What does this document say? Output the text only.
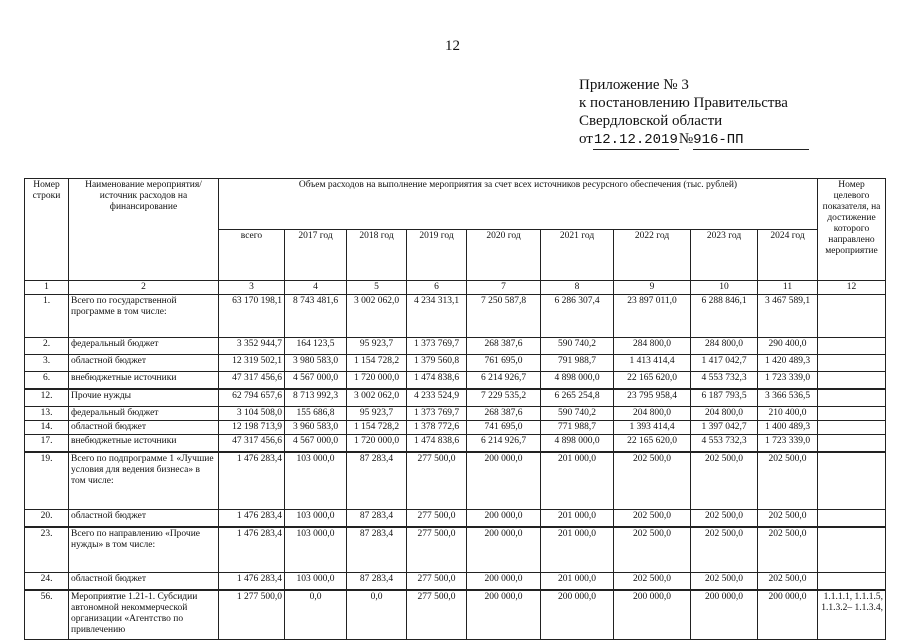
12
Приложение № 3
к постановлению Правительства
Свердловской области
от12.12.2019№916-ПП
Номер строки	Наименование мероприятия/источник расходов на финансирование	Объем расходов на выполнение мероприятия за счет всех источников ресурсного обеспечения (тыс. рублей)									Номер целевого показателя, на достижение которого направлено мероприятие
		всего	2017 год	2018 год	2019 год	2020 год	2021 год	2022 год	2023 год	2024 год	
1	2	3	4	5	6	7	8	9	10	11	12
1.	Всего по государственной программе в том числе:	63 170 198,1	8 743 481,6	3 002 062,0	4 234 313,1	7 250 587,8	6 286 307,4	23 897 011,0	6 288 846,1	3 467 589,1	
2.	федеральный бюджет	3 352 944,7	164 123,5	95 923,7	1 373 769,7	268 387,6	590 740,2	284 800,0	284 800,0	290 400,0	
3.	областной бюджет	12 319 502,1	3 980 583,0	1 154 728,2	1 379 560,8	761 695,0	791 988,7	1 413 414,4	1 417 042,7	1 420 489,3	
6.	внебюджетные источники	47 317 456,6	4 567 000,0	1 720 000,0	1 474 838,6	6 214 926,7	4 898 000,0	22 165 620,0	4 553 732,3	1 723 339,0	
12.	Прочие нужды	62 794 657,6	8 713 992,3	3 002 062,0	4 233 524,9	7 229 535,2	6 265 254,8	23 795 958,4	6 187 793,5	3 366 536,5	
13.	федеральный бюджет	3 104 508,0	155 686,8	95 923,7	1 373 769,7	268 387,6	590 740,2	204 800,0	204 800,0	210 400,0	
14.	областной бюджет	12 198 713,9	3 960 583,0	1 154 728,2	1 378 772,6	741 695,0	771 988,7	1 393 414,4	1 397 042,7	1 400 489,3	
17.	внебюджетные источники	47 317 456,6	4 567 000,0	1 720 000,0	1 474 838,6	6 214 926,7	4 898 000,0	22 165 620,0	4 553 732,3	1 723 339,0	
19.	Всего по подпрограмме 1 «Лучшие условия для ведения бизнеса» в том числе:	1 476 283,4	103 000,0	87 283,4	277 500,0	200 000,0	201 000,0	202 500,0	202 500,0	202 500,0	
20.	областной бюджет	1 476 283,4	103 000,0	87 283,4	277 500,0	200 000,0	201 000,0	202 500,0	202 500,0	202 500,0	
23.	Всего по направлению «Прочие нужды» в том числе:	1 476 283,4	103 000,0	87 283,4	277 500,0	200 000,0	201 000,0	202 500,0	202 500,0	202 500,0	
24.	областной бюджет	1 476 283,4	103 000,0	87 283,4	277 500,0	200 000,0	201 000,0	202 500,0	202 500,0	202 500,0	
56.	Мероприятие 1.21-1. Субсидии автономной некоммерческой организации «Агентство по привлечению	1 277 500,0	0,0	0,0	277 500,0	200 000,0	200 000,0	200 000,0	200 000,0	200 000,0	1.1.1.1, 1.1.1.5, 1.1.3.2– 1.1.3.4,
